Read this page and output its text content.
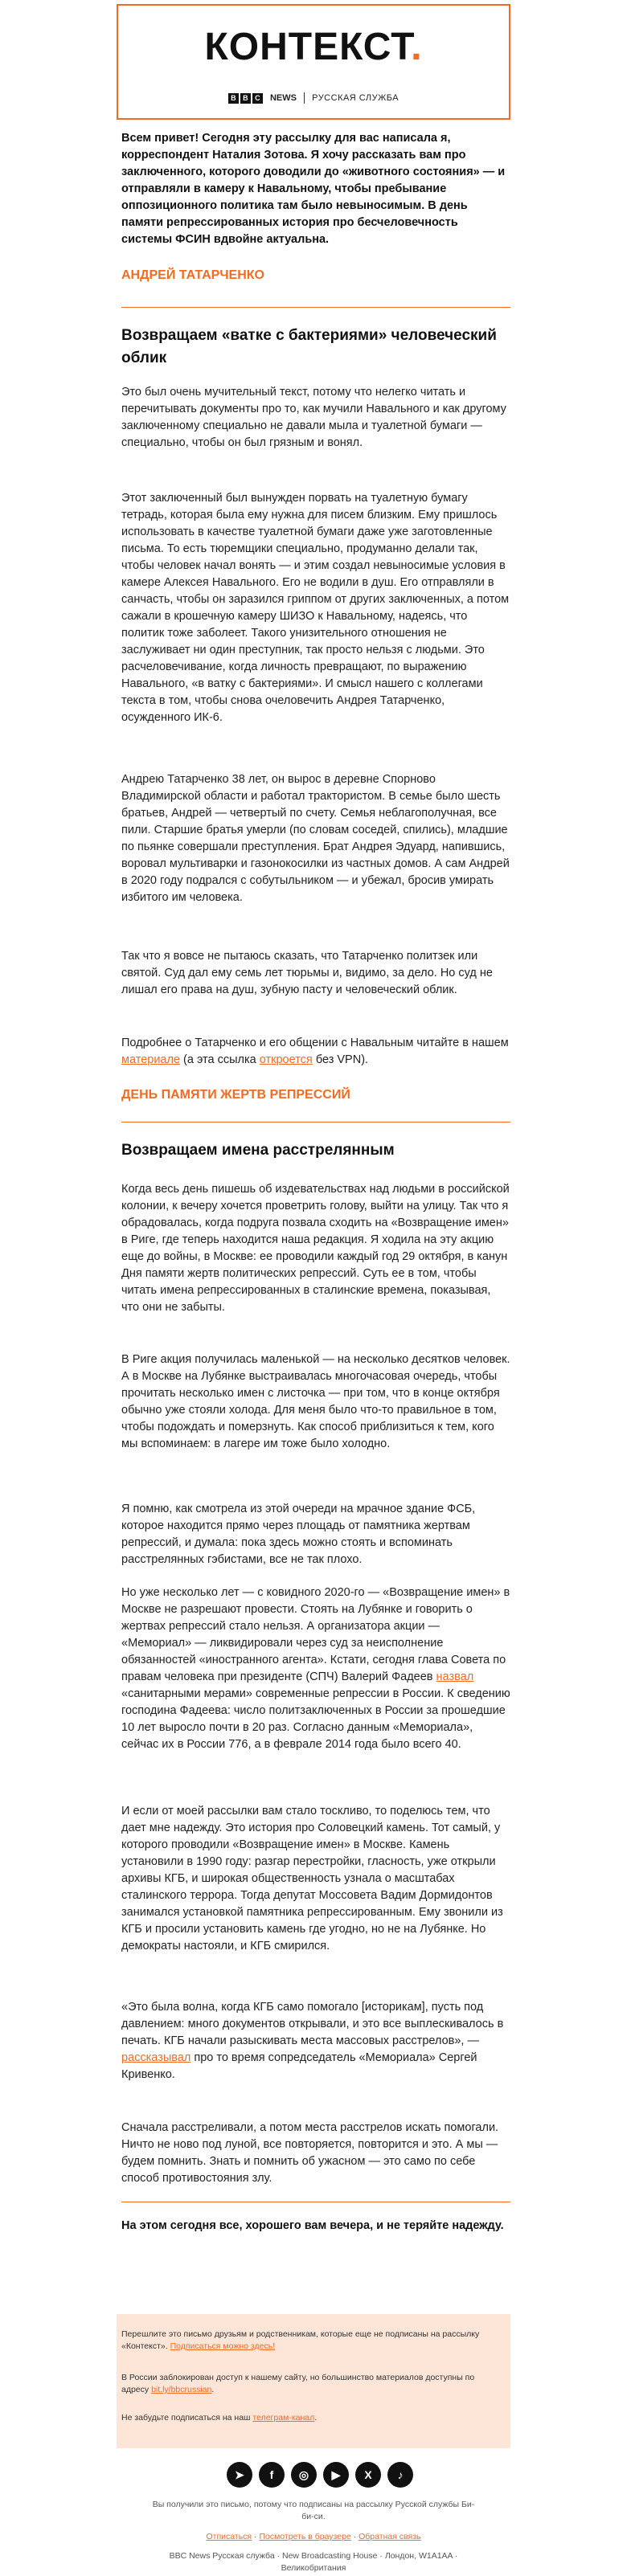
КОНТЕКСТ.
B B C NEWS РУССКАЯ СЛУЖБА

Всем привет! Сегодня эту рассылку для вас написала я, корреспондент Наталия Зотова. Я хочу рассказать вам про заключенного, которого доводили до «животного состояния» — и отправляли в камеру к Навальному, чтобы пребывание оппозиционного политика там было невыносимым. В день памяти репрессированных история про бесчеловечность системы ФСИН вдвойне актуальна.

АНДРЕЙ ТАТАРЧЕНКО

Возвращаем «ватке с бактериями» человеческий облик

Это был очень мучительный текст, потому что нелегко читать и перечитывать документы про то, как мучили Навального и как другому заключенному специально не давали мыла и туалетной бумаги — специально, чтобы он был грязным и вонял.

Этот заключенный был вынужден порвать на туалетную бумагу тетрадь, которая была ему нужна для писем близким. Ему пришлось использовать в качестве туалетной бумаги даже уже заготовленные письма. То есть тюремщики специально, продуманно делали так, чтобы человек начал вонять — и этим создал невыносимые условия в камере Алексея Навального. Его не водили в душ. Его отправляли в санчасть, чтобы он заразился гриппом от других заключенных, а потом сажали в крошечную камеру ШИЗО к Навальному, надеясь, что политик тоже заболеет. Такого унизительного отношения не заслуживает ни один преступник, так просто нельзя с людьми. Это расчеловечивание, когда личность превращают, по выражению Навального, «в ватку с бактериями». И смысл нашего с коллегами текста в том, чтобы снова очеловечить Андрея Татарченко, осужденного ИК-6.

Андрею Татарченко 38 лет, он вырос в деревне Спорново Владимирской области и работал трактористом. В семье было шесть братьев, Андрей — четвертый по счету. Семья неблагополучная, все пили. Старшие братья умерли (по словам соседей, спились), младшие по пьянке совершали преступления. Брат Андрея Эдуард, напившись, воровал мультиварки и газонокосилки из частных домов. А сам Андрей в 2020 году подрался с собутыльником — и убежал, бросив умирать избитого им человека.

Так что я вовсе не пытаюсь сказать, что Татарченко политзек или святой. Суд дал ему семь лет тюрьмы и, видимо, за дело. Но суд не лишал его права на душ, зубную пасту и человеческий облик.

Подробнее о Татарченко и его общении с Навальным читайте в нашем материале (а эта ссылка откроется без VPN).

ДЕНЬ ПАМЯТИ ЖЕРТВ РЕПРЕССИЙ

Возвращаем имена расстрелянным

Когда весь день пишешь об издевательствах над людьми в российской колонии, к вечеру хочется проветрить голову, выйти на улицу. Так что я обрадовалась, когда подруга позвала сходить на «Возвращение имен» в Риге, где теперь находится наша редакция. Я ходила на эту акцию еще до войны, в Москве: ее проводили каждый год 29 октября, в канун Дня памяти жертв политических репрессий. Суть ее в том, чтобы читать имена репрессированных в сталинские времена, показывая, что они не забыты.

В Риге акция получилась маленькой — на несколько десятков человек. А в Москве на Лубянке выстраивалась многочасовая очередь, чтобы прочитать несколько имен с листочка — при том, что в конце октября обычно уже стояли холода. Для меня было что-то правильное в том, чтобы подождать и померзнуть. Как способ приблизиться к тем, кого мы вспоминаем: в лагере им тоже было холодно.

Я помню, как смотрела из этой очереди на мрачное здание ФСБ, которое находится прямо через площадь от памятника жертвам репрессий, и думала: пока здесь можно стоять и вспоминать расстрелянных гэбистами, все не так плохо.

Но уже несколько лет — с ковидного 2020-го — «Возвращение имен» в Москве не разрешают провести. Стоять на Лубянке и говорить о жертвах репрессий стало нельзя. А организатора акции — «Мемориал» — ликвидировали через суд за неисполнение обязанностей «иностранного агента». Кстати, сегодня глава Совета по правам человека при президенте (СПЧ) Валерий Фадеев назвал «санитарными мерами» современные репрессии в России. К сведению господина Фадеева: число политзаключенных в России за прошедшие 10 лет выросло почти в 20 раз. Согласно данным «Мемориала», сейчас их в России 776, а в феврале 2014 года было всего 40.

И если от моей рассылки вам стало тоскливо, то поделюсь тем, что дает мне надежду. Это история про Соловецкий камень. Тот самый, у которого проводили «Возвращение имен» в Москве. Камень установили в 1990 году: разгар перестройки, гласность, уже открыли архивы КГБ, и широкая общественность узнала о масштабах сталинского террора. Тогда депутат Моссовета Вадим Дормидонтов занимался установкой памятника репрессированным. Ему звонили из КГБ и просили установить камень где угодно, но не на Лубянке. Но демократы настояли, и КГБ смирился.

«Это была волна, когда КГБ само помогало [историкам], пусть под давлением: много документов открывали, и это все выплескивалось в печать. КГБ начали разыскивать места массовых расстрелов», — рассказывал про то время сопредседатель «Мемориала» Сергей Кривенко.

Сначала расстреливали, а потом места расстрелов искать помогали. Ничто не ново под луной, все повторяется, повторится и это. А мы — будем помнить. Знать и помнить об ужасном — это само по себе способ противостояния злу.

На этом сегодня все, хорошего вам вечера, и не теряйте надежду.

Перешлите это письмо друзьям и родственникам, которые еще не подписаны на рассылку «Контекст». Подписаться можно здесь!

В России заблокирован доступ к нашему сайту, но большинство материалов доступны по адресу bit.ly/bbcrussian.

Не забудьте подписаться на наш телеграм-канал.

➤	f	◎	▶	X	♪
Вы получили это письмо, потому что подписаны на рассылку Русской службы Би-би-си.
Отписаться · Посмотреть в браузере · Обратная связь
BBC News Русская служба · New Broadcasting House · Лондон, W1A1AA · Великобритания
